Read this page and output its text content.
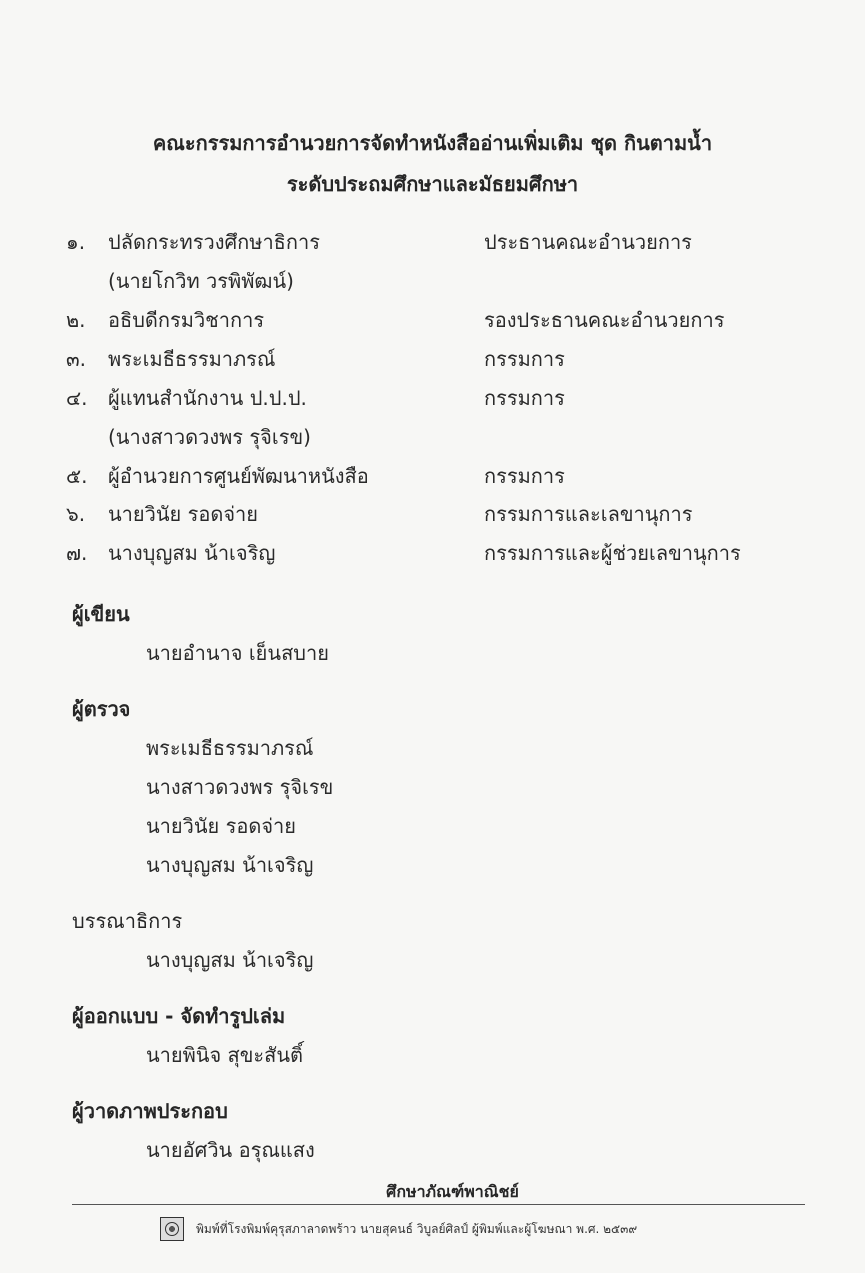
คณะกรรมการอำนวยการจัดทำหนังสืออ่านเพิ่มเติม ชุด กินตามน้ำ
ระดับประถมศึกษาและมัธยมศึกษา
๑. ปลัดกระทรวงศึกษาธิการ	ประธานคณะอำนวยการ
(นายโกวิท วรพิพัฒน์)
๒. อธิบดีกรมวิชาการ	รองประธานคณะอำนวยการ
๓. พระเมธีธรรมาภรณ์	กรรมการ
๔. ผู้แทนสำนักงาน ป.ป.ป.	กรรมการ
(นางสาวดวงพร รุจิเรข)
๕. ผู้อำนวยการศูนย์พัฒนาหนังสือ	กรรมการ
๖. นายวินัย รอดจ่าย	กรรมการและเลขานุการ
๗. นางบุญสม น้าเจริญ	กรรมการและผู้ช่วยเลขานุการ
ผู้เขียน
นายอำนาจ เย็นสบาย
ผู้ตรวจ
พระเมธีธรรมาภรณ์
นางสาวดวงพร รุจิเรข
นายวินัย รอดจ่าย
นางบุญสม น้าเจริญ
บรรณาธิการ
นางบุญสม น้าเจริญ
ผู้ออกแบบ - จัดทำรูปเล่ม
นายพินิจ สุขะสันติ์
ผู้วาดภาพประกอบ
นายอัศวิน อรุณแสง
ศึกษาภัณฑ์พาณิชย์
พิมพ์ที่โรงพิมพ์คุรุสภาลาดพร้าว นายสุคนธ์ วิบูลย์ศิลป์ ผู้พิมพ์และผู้โฆษณา พ.ศ. ๒๕๓๙
